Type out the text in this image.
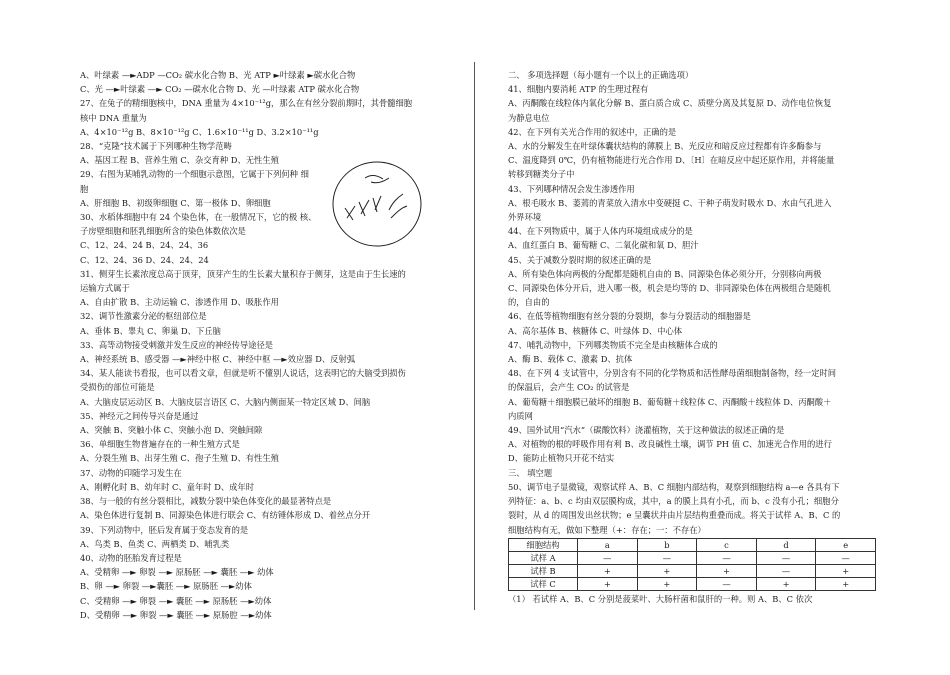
A、叶绿素 —►ADP —CO₂ 碳水化合物 B、光 ATP ►叶绿素 ►碳水化合物
C、光 —►叶绿素 —► CO₂ —碳水化合物 D、光 —叶绿素 ATP 碳水化合物
27、在兔子的精细胞核中，DNA 重量为 4×10⁻¹²g，那么在有丝分裂前期时，其骨髓细胞
核中 DNA 重量为
A、4×10⁻¹²g B、8×10⁻¹²g C、1.6×10⁻¹¹g D、3.2×10⁻¹¹g
28、“克隆”技术属于下列哪种生物学范畴
A、基因工程 B、营养生殖 C、杂交育种 D、无性生殖
29、右图为某哺乳动物的一个细胞示意图，它属于下列何种 细
胞
A、肝细胞 B、初级卵细胞 C、第一极体 D、卵细胞
30、水稻体细胞中有 24 个染色体，在一般情况下，它的极 核、
子房壁细胞和胚乳细胞所含的染色体数依次是
C、12、24、24 B、24、24、36
C、12、24、36 D、24、24、24
31、侧芽生长素浓度总高于顶芽，顶芽产生的生长素大量积存于侧芽，这是由于生长速的
运输方式属于
A、自由扩散 B、主动运输 C、渗透作用 D、吸胀作用
32、调节性激素分泌的枢纽部位是
A、垂体 B、睾丸 C、卵巢 D、下丘脑
33、高等动物接受刺激并发生反应的神经传导途径是
A、神经系统 B、感受器 —►神经中枢 C、神经中枢 —►效应器 D、反射弧
34、某人能读书看报，也可以看文章，但就是听不懂别人说话，这表明它的大脑受到损伤
受损伤的部位可能是
A、大脑皮层运动区 B、大脑皮层言语区 C、大脑内侧面某一特定区域 D、间脑
35、神经元之间传导兴奋是通过
A、突触 B、突触小体 C、突触小泡 D、突触间隙
36、单细胞生物普遍存在的一种生殖方式是
A、分裂生殖 B、出芽生殖 C、孢子生殖 D、有性生殖
37、动物的印随学习发生在
A、刚孵化时 B、幼年时 C、童年时 D、成年时
38、与一般的有丝分裂相比，减数分裂中染色体变化的最显著特点是
A、染色体进行复制 B、同源染色体进行联会 C、有纺锤体形成 D、着丝点分开
39、下列动物中，胚后发育属于变态发育的是
A、鸟类 B、鱼类 C、两栖类 D、哺乳类
40、动物的胚胎发育过程是
A、受精卵 —► 卵裂 —► 原肠胚 —► 囊胚 —► 幼体
B、卵 —► 卵裂 —►囊胚 —► 原肠胚 —►幼体
C、受精卵 —► 卵裂 —► 囊胚 —► 原肠胚 —►幼体
D、受精卵 —► 卵裂 —► 囊胚 —► 原肠腔 —►幼体
二、 多项选择题（每小题有一个以上的正确选项）
41、细胞内要消耗 ATP 的生理过程有
A、丙酮酸在线粒体内氧化分解 B、蛋白质合成 C、质壁分离及其复原 D、动作电位恢复
为静息电位
42、在下列有关光合作用的叙述中，正确的是
A、水的分解发生在叶绿体囊状结构的薄膜上 B、光反应和暗反应过程都有许多酶参与
C、温度降到 0℃，仍有植物能进行光合作用 D、〔H〕在暗反应中起还原作用，并将能量
转移到糖类分子中
43、下列哪种情况会发生渗透作用
A、根毛吸水 B、萎蔫的青菜放入清水中变硬挺 C、干种子萌发时吸水 D、水由气孔进入
外界环境
44、在下列物质中，属于人体内环境组成成分的是
A、血红蛋白 B、葡萄糖 C、二氧化碳和氧 D、胆汁
45、关于减数分裂时期的叙述正确的是
A、所有染色体向两极的分配都是随机自由的 B、同源染色体必须分开，分别移向两极
C、同源染色体分开后，进入哪一极，机会是均等的 D、非同源染色体在两极组合是随机
的，自由的
46、在低等植物细胞有丝分裂的分裂期，参与分裂活动的细胞器是
A、高尔基体 B、核糖体 C、叶绿体 D、中心体
47、哺乳动物中，下列哪类物质不完全是由核糖体合成的
A、酶 B、载体 C、激素 D、抗体
48、在下列 4 支试管中，分别含有不同的化学物质和活性酵母菌细胞制备物，经一定时间
的保温后，会产生 CO₂ 的试管是
A、葡萄糖＋细胞膜已破坏的细胞 B、葡萄糖＋线粒体 C、丙酮酸＋线粒体 D、丙酮酸＋
内质网
49、国外试用“汽水”（碳酸饮料）浇灌植物，关于这种做法的叙述正确的是
A、对植物的根的呼吸作用有利 B、改良碱性土壤，调节 PH 值 C、加速光合作用的进行
D、能防止植物只开花不结实
三、 填空题
50、调节电子显微镜，观察试样 A、B、C 细胞内部结构，观察到细胞结构 a—e 各具有下
列特征：a、b、c 均由双层膜构成，其中，a 的膜上具有小孔，而 b、c 没有小孔；细胞分
裂时，从 d 的周围发出丝状物；e 呈囊状并由片层结构重叠而成。将关于试样 A、B、C 的
细胞结构有无，做如下整理（+：存在；一：不存在）
细胞结构	a	b	c	d	e
试样 A	—	—	—	—	—
试样 B	+	+	+	—	+
试样 C	+	+	—	+	+
（1） 若试样 A、B、C 分别是菠菜叶、大肠杆菌和鼠肝的一种。则 A、B、C 依次
